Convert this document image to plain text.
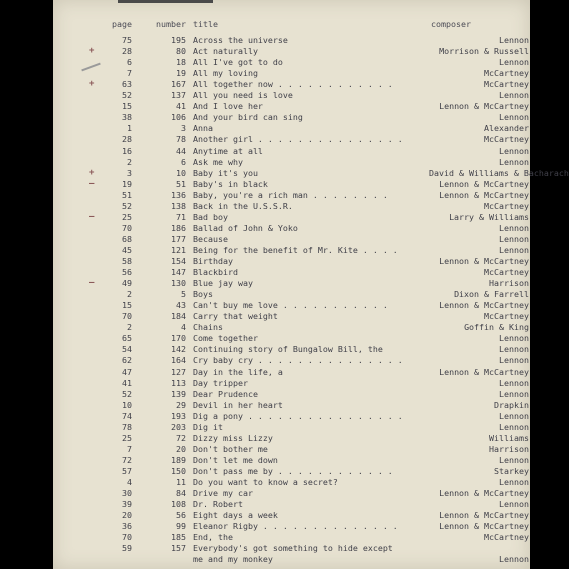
page	number title	composer
75	195 Across the universe	Lennon
+	28	80 Act naturally	Morrison & Russell
6	18 All I've got to do	Lennon
7	19 All my loving	McCartney
+	63	167 All together now . . . . . . . . . . . .	McCartney
52	137 All you need is love	Lennon
15	41 And I love her	Lennon & McCartney
38	106 And your bird can sing	Lennon
1	3 Anna	Alexander
28	78 Another girl . . . . . . . . . . . . . . .	McCartney
16	44 Anytime at all	Lennon
2	6 Ask me why	Lennon
+	3	10 Baby it's you	David & Williams & Bacharach
—	19	51 Baby's in black	Lennon & McCartney
51	136 Baby, you're a rich man . . . . . . . .	Lennon & McCartney
52	138 Back in the U.S.S.R.	McCartney
—	25	71 Bad boy	Larry & Williams
70	186 Ballad of John & Yoko	Lennon
68	177 Because	Lennon
45	121 Being for the benefit of Mr. Kite . . . .	Lennon
58	154 Birthday	Lennon & McCartney
56	147 Blackbird	McCartney
—	49	130 Blue jay way	Harrison
2	5 Boys	Dixon & Farrell
15	43 Can't buy me love . . . . . . . . . . .	Lennon & McCartney
70	184 Carry that weight	McCartney
2	4 Chains	Goffin & King
65	170 Come together	Lennon
54	142 Continuing story of Bungalow Bill, the	Lennon
62	164 Cry baby cry . . . . . . . . . . . . . . .	Lennon
47	127 Day in the life, a	Lennon & McCartney
41	113 Day tripper	Lennon
52	139 Dear Prudence	Lennon
10	29 Devil in her heart	Drapkin
74	193 Dig a pony . . . . . . . . . . . . . . . .	Lennon
78	203 Dig it	Lennon
25	72 Dizzy miss Lizzy	Williams
7	20 Don't bother me	Harrison
72	189 Don't let me down	Lennon
57	150 Don't pass me by . . . . . . . . . . . .	Starkey
4	11 Do you want to know a secret?	Lennon
30	84 Drive my car	Lennon & McCartney
39	108 Dr. Robert	Lennon
20	56 Eight days a week	Lennon & McCartney
36	99 Eleanor Rigby . . . . . . . . . . . . . .	Lennon & McCartney
70	185 End, the	McCartney
59	157 Everybody's got something to hide except
me and my monkey	Lennon
